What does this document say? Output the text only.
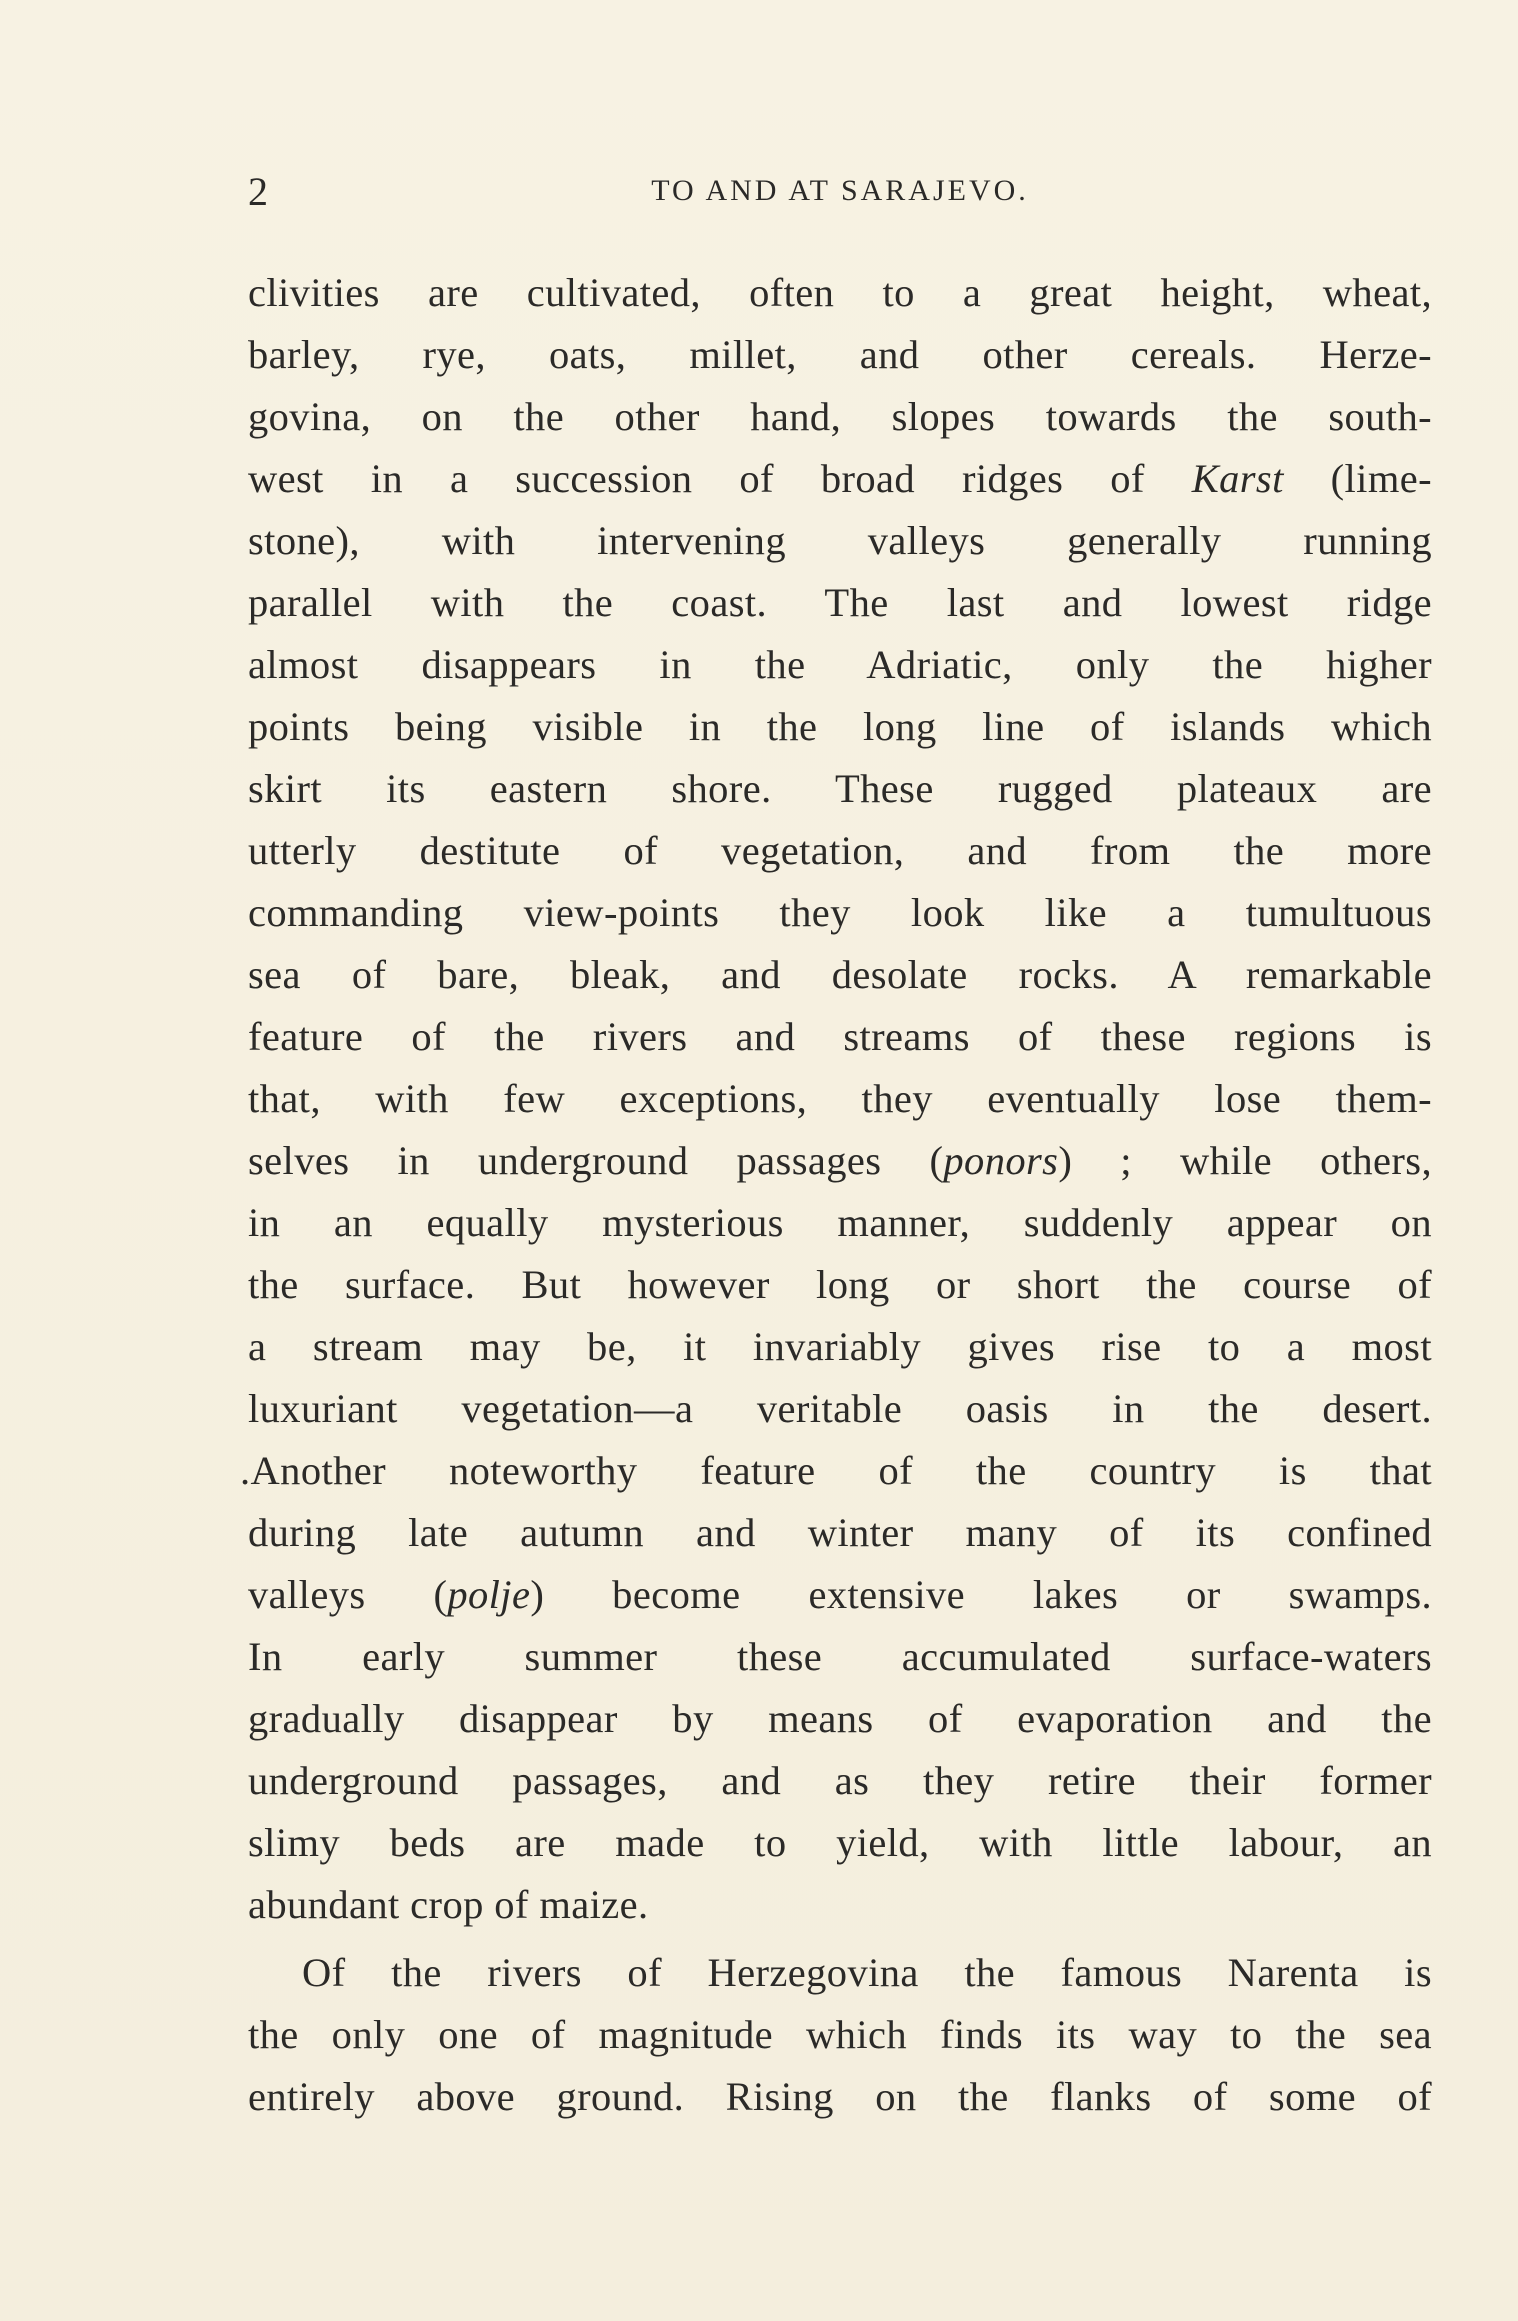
2	TO AND AT SARAJEVO.
clivities are cultivated, often to a great height, wheat,
barley, rye, oats, millet, and other cereals. Herze-
govina, on the other hand, slopes towards the south-
west in a succession of broad ridges of Karst (lime-
stone), with intervening valleys generally running
parallel with the coast. The last and lowest ridge
almost disappears in the Adriatic, only the higher
points being visible in the long line of islands which
skirt its eastern shore. These rugged plateaux are
utterly destitute of vegetation, and from the more
commanding view-points they look like a tumultuous
sea of bare, bleak, and desolate rocks. A remarkable
feature of the rivers and streams of these regions is
that, with few exceptions, they eventually lose them-
selves in underground passages (ponors) ; while others,
in an equally mysterious manner, suddenly appear on
the surface. But however long or short the course of
a stream may be, it invariably gives rise to a most
luxuriant vegetation—a veritable oasis in the desert.
.Another noteworthy feature of the country is that
during late autumn and winter many of its confined
valleys (polje) become extensive lakes or swamps.
In early summer these accumulated surface-waters
gradually disappear by means of evaporation and the
underground passages, and as they retire their former
slimy beds are made to yield, with little labour, an
abundant crop of maize.
Of the rivers of Herzegovina the famous Narenta is
the only one of magnitude which finds its way to the sea
entirely above ground. Rising on the flanks of some of
